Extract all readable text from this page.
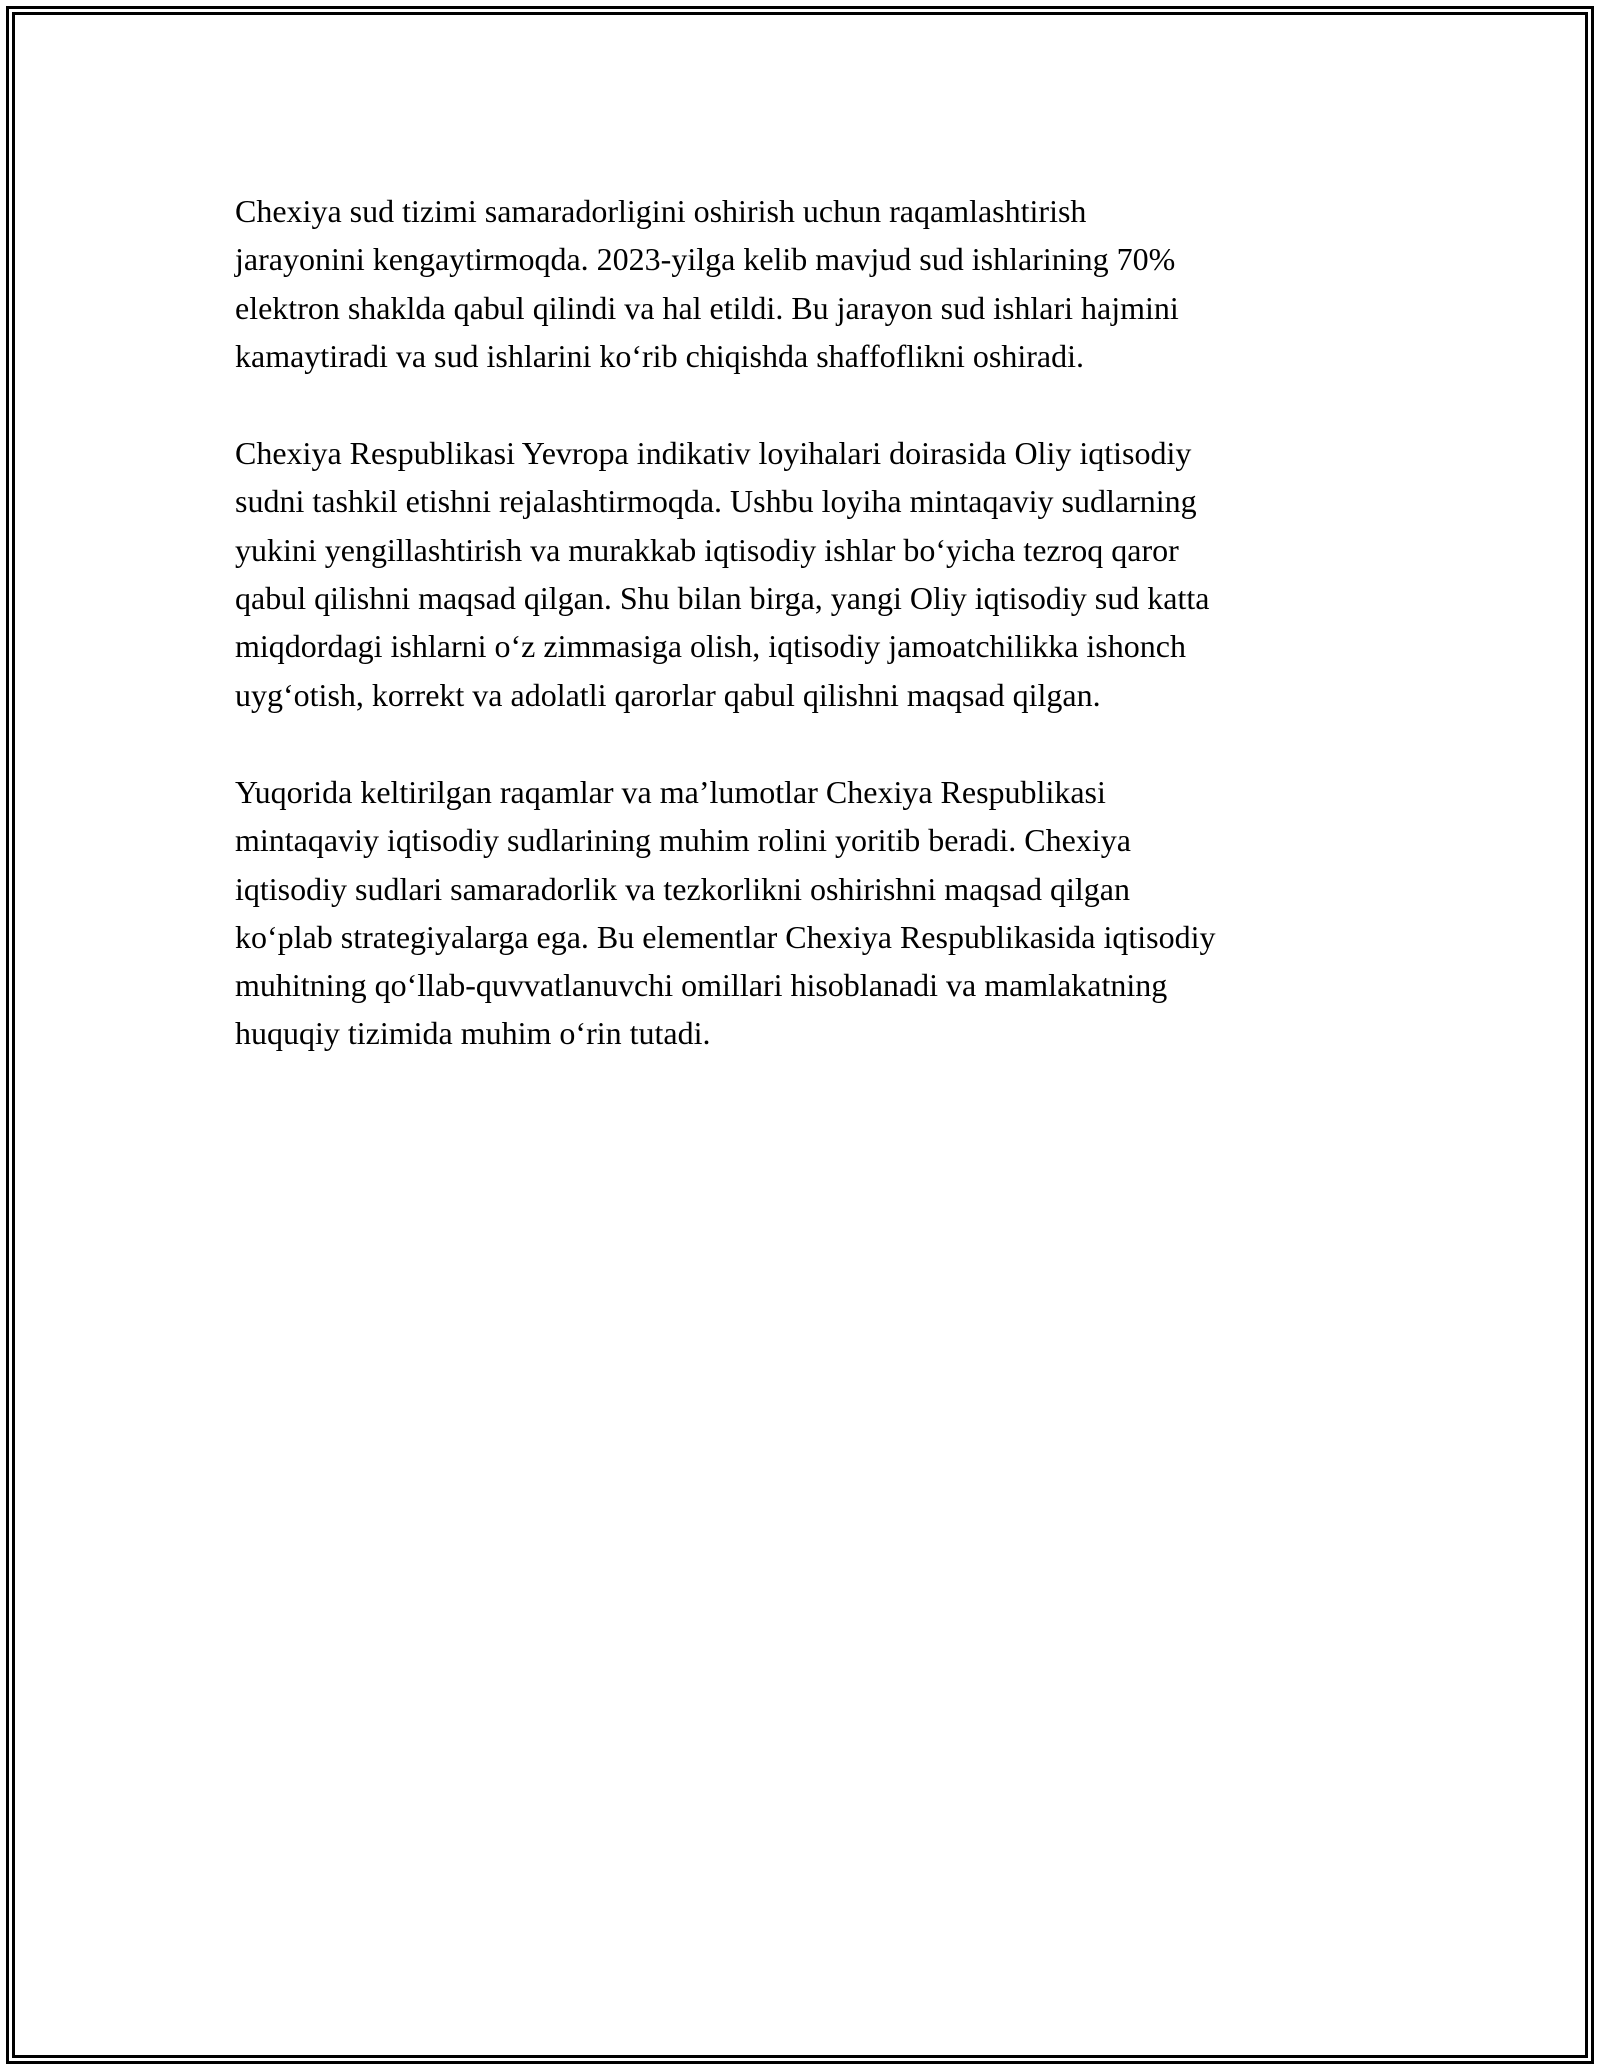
Chexiya sud tizimi samaradorligini oshirish uchun raqamlashtirish
jarayonini kengaytirmoqda. 2023-yilga kelib mavjud sud ishlarining 70%
elektron shaklda qabul qilindi va hal etildi. Bu jarayon sud ishlari hajmini
kamaytiradi va sud ishlarini ko‘rib chiqishda shaffoflikni oshiradi.

Chexiya Respublikasi Yevropa indikativ loyihalari doirasida Oliy iqtisodiy
sudni tashkil etishni rejalashtirmoqda. Ushbu loyiha mintaqaviy sudlarning
yukini yengillashtirish va murakkab iqtisodiy ishlar bo‘yicha tezroq qaror
qabul qilishni maqsad qilgan. Shu bilan birga, yangi Oliy iqtisodiy sud katta
miqdordagi ishlarni o‘z zimmasiga olish, iqtisodiy jamoatchilikka ishonch
uyg‘otish, korrekt va adolatli qarorlar qabul qilishni maqsad qilgan.

Yuqorida keltirilgan raqamlar va ma’lumotlar Chexiya Respublikasi
mintaqaviy iqtisodiy sudlarining muhim rolini yoritib beradi. Chexiya
iqtisodiy sudlari samaradorlik va tezkorlikni oshirishni maqsad qilgan
ko‘plab strategiyalarga ega. Bu elementlar Chexiya Respublikasida iqtisodiy
muhitning qo‘llab-quvvatlanuvchi omillari hisoblanadi va mamlakatning
huquqiy tizimida muhim o‘rin tutadi.
